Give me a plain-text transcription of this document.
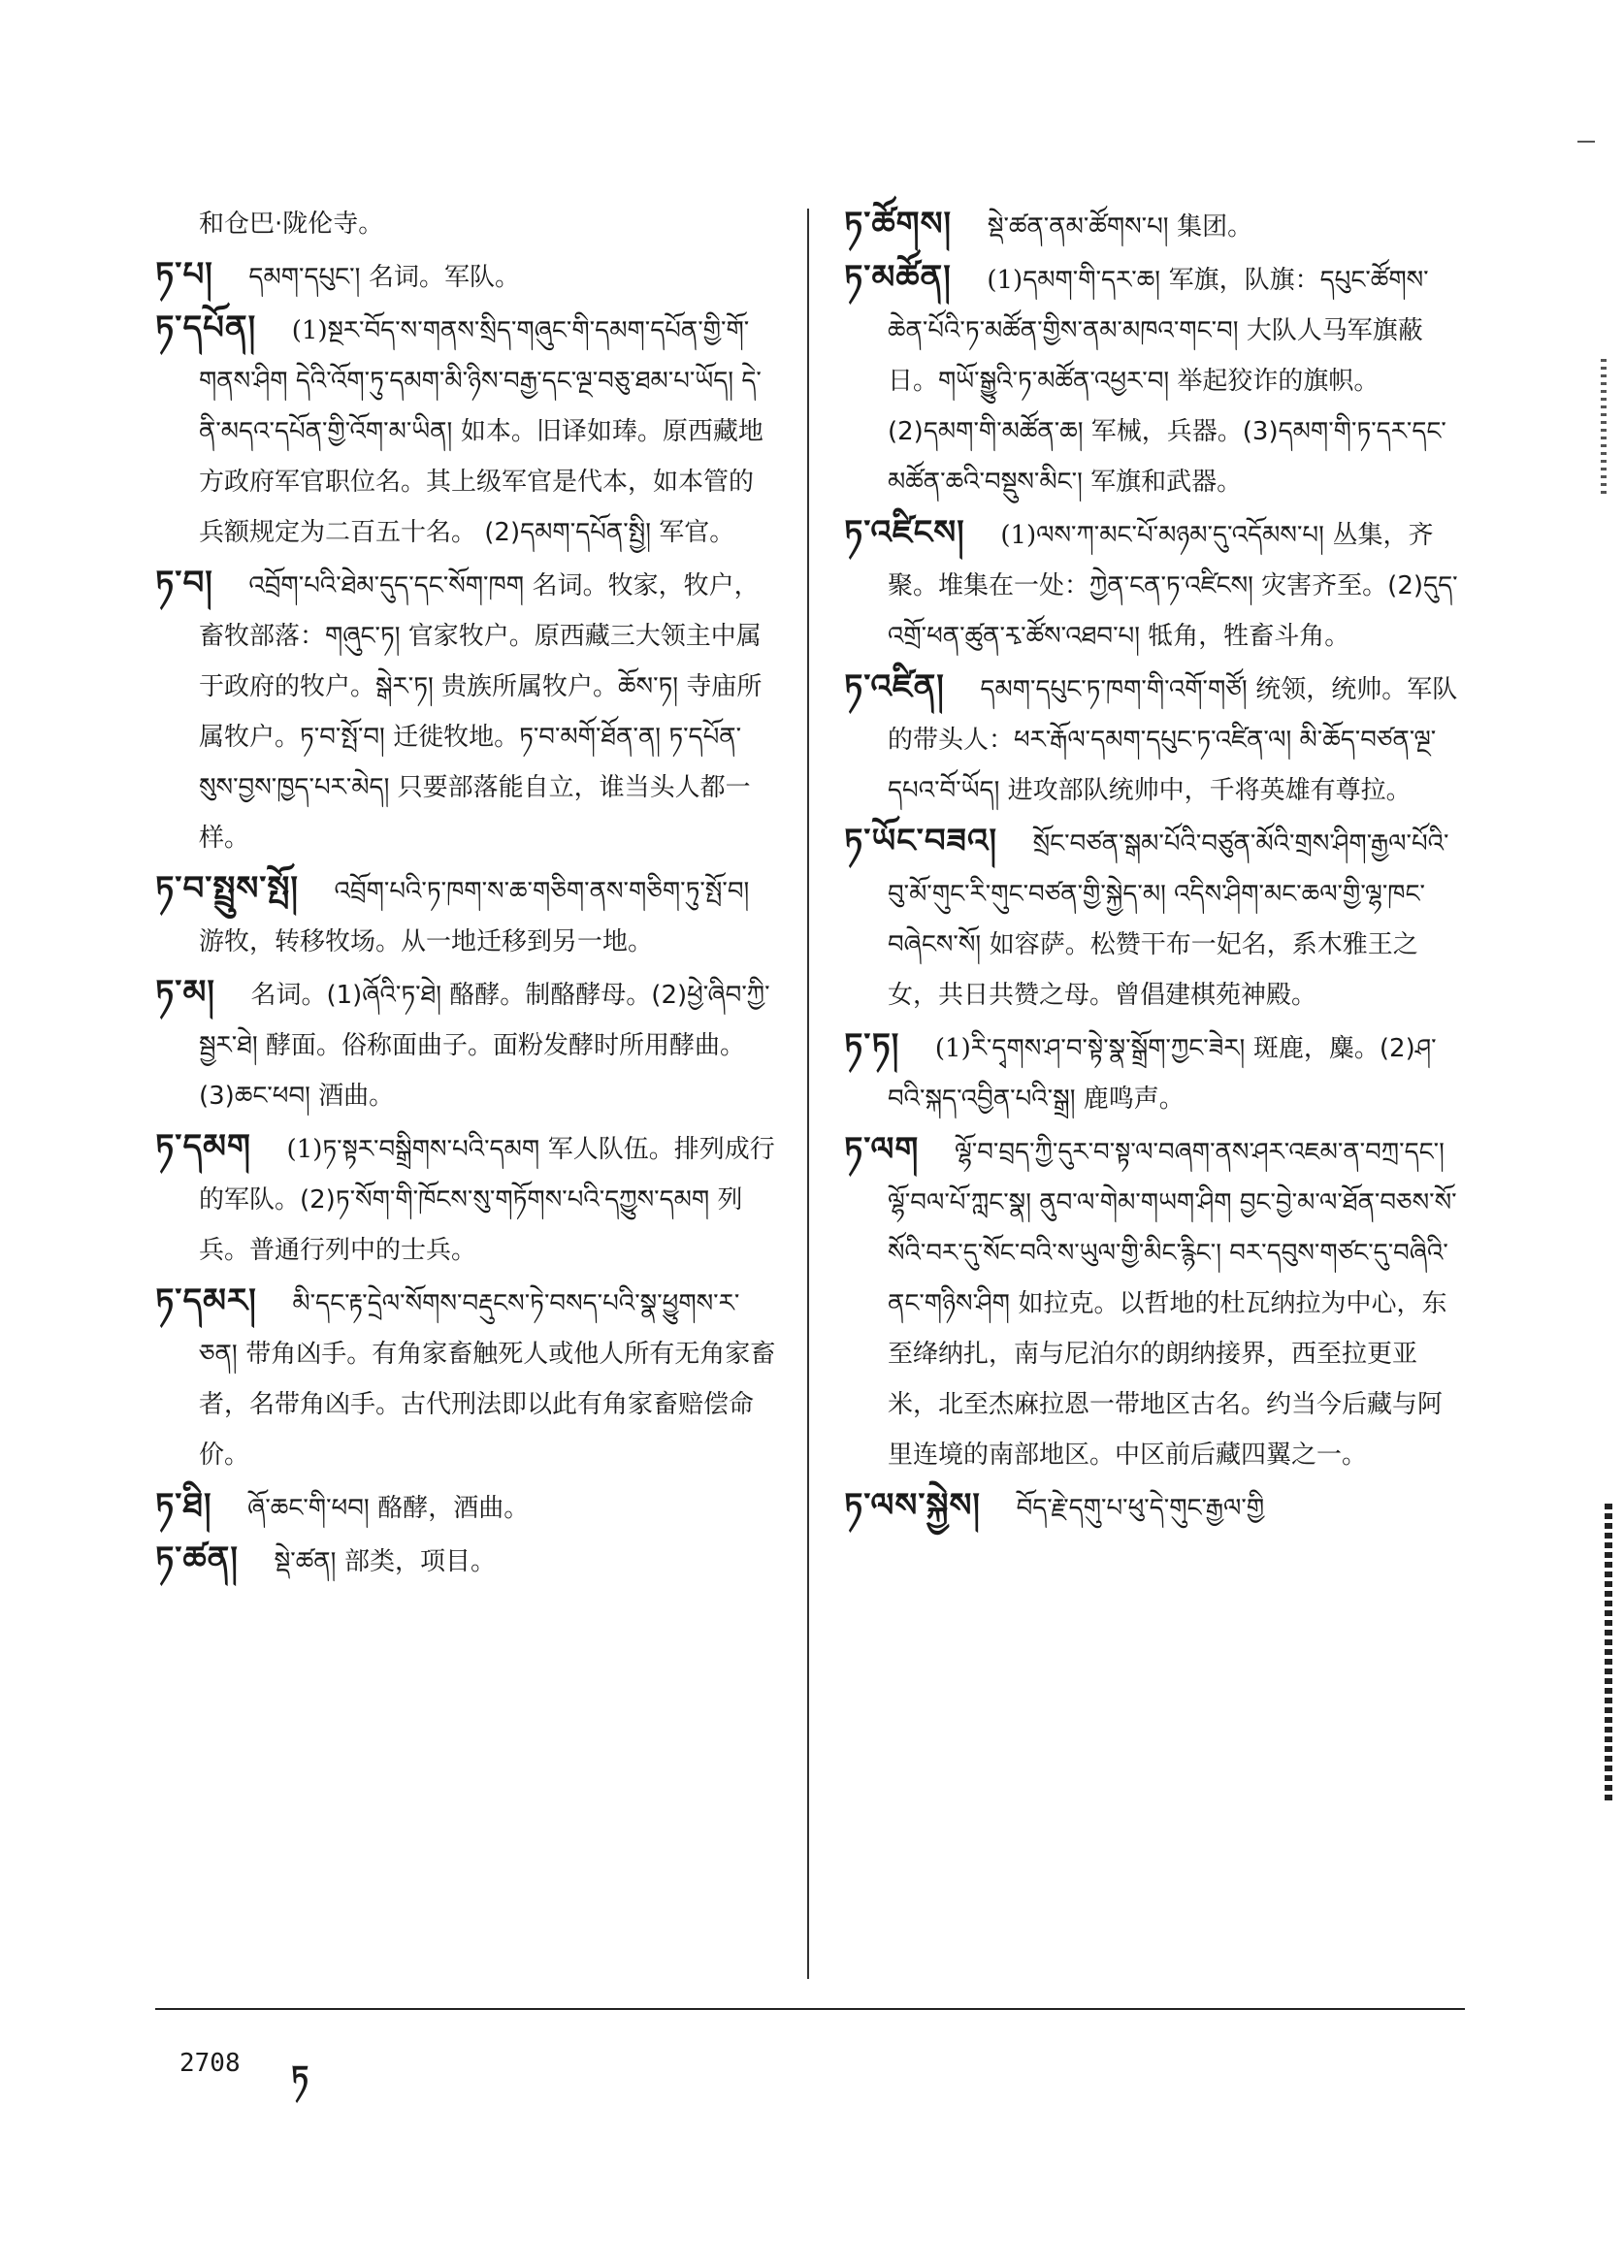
和仓巴·陇伦寺。

ཏ་པ། དམག་དཔུང་། 名词。军队。

ཏ་དཔོན། (1)སྔར་བོད་ས་གནས་སྲིད་གཞུང་གི་དམག་དཔོན་གྱི་གོ་གནས་ཤིག དེའི་འོག་ཏུ་དམག་མི་ཉིས་བརྒྱ་དང་ལྔ་བཅུ་ཐམ་པ་ཡོད། དེ་ནི་མདའ་དཔོན་གྱི་འོག་མ་ཡིན། 如本。旧译如琫。原西藏地方政府军官职位名。其上级军官是代本，如本管的兵额规定为二百五十名。 (2)དམག་དཔོན་སྤྱི། 军官。

ཏ་བ། འབྲོག་པའི་ཐེམ་དུད་དང་སོག་ཁག 名词。牧家，牧户，畜牧部落：གཞུང་ཏ། 官家牧户。原西藏三大领主中属于政府的牧户。སྒེར་ཏ། 贵族所属牧户。ཆོས་ཏ། 寺庙所属牧户。ཏ་བ་སྤོ་བ། 迁徙牧地。ཏ་བ་མགོ་ཐོན་ན། ཏ་དཔོན་སུས་བྱས་ཁྱད་པར་མེད། 只要部落能自立，谁当头人都一样。

ཏ་བ་སྤྲུས་སྤོ། འབྲོག་པའི་ཏ་ཁག་ས་ཆ་གཅིག་ནས་གཅིག་ཏུ་སྤོ་བ། 游牧，转移牧场。从一地迁移到另一地。

ཏ་མ། 名词。(1)ཞོའི་ཏ་ཐེ། 酪酵。制酪酵母。(2)ཕྱེ་ཞིབ་ཀྱི་སྦྱར་ཐེ། 酵面。俗称面曲子。面粉发酵时所用酵曲。(3)ཆང་ཕབ། 酒曲。

ཏ་དམག (1)ཏ་སྟར་བསྒྲིགས་པའི་དམག 军人队伍。排列成行的军队。(2)ཏ་སོག་གི་ཁོངས་སུ་གཏོགས་པའི་དཀྱུས་དམག 列兵。普通行列中的士兵。

ཏ་དམར། མི་དང་རྟ་དྲེལ་སོགས་བརྡུངས་ཏེ་བསད་པའི་སྣ་ཕྱུགས་ར་ཅན། 带角凶手。有角家畜触死人或他人所有无角家畜者，名带角凶手。古代刑法即以此有角家畜赔偿命价。

ཏ་ཐི། ཞོ་ཆང་གི་ཕབ། 酪酵，酒曲。

ཏ་ཚན། སྡེ་ཚན། 部类，项目。

ཏ་ཚོགས། སྡེ་ཚན་ནམ་ཚོགས་པ། 集团。

ཏ་མཚོན། (1)དམག་གི་དར་ཆ། 军旗，队旗：དཔུང་ཚོགས་ཆེན་པོའི་ཏ་མཚོན་གྱིས་ནམ་མཁའ་གང་བ། 大队人马军旗蔽日。གཡོ་སྒྱུའི་ཏ་མཚོན་འཕྱར་བ། 举起狡诈的旗帜。(2)དམག་གི་མཚོན་ཆ། 军械，兵器。(3)དམག་གི་ཏ་དར་དང་མཚོན་ཆའི་བསྡུས་མིང་། 军旗和武器。

ཏ་འཛིངས། (1)ལས་ཀ་མང་པོ་མཉམ་དུ་འདོམས་པ། 丛集，齐聚。堆集在一处：ཀྱེན་ངན་ཏ་འཛིངས། 灾害齐至。(2)དུད་འགྲོ་ཕན་ཚུན་རྭ་ཚོས་འཐབ་པ། 牴角，牲畜斗角。

ཏ་འཛིན། དམག་དཔུང་ཏ་ཁག་གི་འགོ་གཙོ། 统领，统帅。军队的带头人：ཕར་རྒོལ་དམག་དཔུང་ཏ་འཛིན་ལ། མི་ཆོད་བཙན་ལྔ་དཔའ་བོ་ཡོད། 进攻部队统帅中，千将英雄有尊拉。

ཏ་ཡོང་བཟའ། སྲོང་བཙན་སྒམ་པོའི་བཙུན་མོའི་གྲས་ཤིག་རྒྱལ་པོའི་བུ་མོ་གུང་རི་གུང་བཙན་གྱི་སྐྱེད་མ། འདིས་ཤིག་མང་ཆལ་གྱི་ལྷ་ཁང་བཞེངས་སོ། 如容萨。松赞干布一妃名，系木雅王之女，共日共赞之母。曾倡建棋苑神殿。

ཏ་ཏ། (1)རི་དྭགས་ཤ་བ་སྟེ་སྣ་སྒྲོག་ཀྱང་ཟེར། 斑鹿，麋。(2)ཤ་བའི་སྐད་འབྱིན་པའི་སྒྲ། 鹿鸣声。

ཏ་ལག ལྷོ་བ་བྲད་ཀྱི་དུར་བ་སྟ་ལ་བཞག་ནས་ཤར་འཇམ་ན་བཀྲ་དང་། ལྷོ་བལ་པོ་ཀླང་སྣ། ནུབ་ལ་གེམ་གཡག་ཤིག བྱང་བྱེ་མ་ལ་ཐོན་བཅས་སོ་སོའི་བར་དུ་སོང་བའི་ས་ཡུལ་གྱི་མིང་རྙིང་། བར་དབུས་གཙང་དུ་བཞིའི་ནང་གཉིས་ཤིག 如拉克。以哲地的杜瓦纳拉为中心，东至绛纳扎，南与尼泊尔的朗纳接界，西至拉更亚米，北至杰麻拉恩一带地区古名。约当今后藏与阿里连境的南部地区。中区前后藏四翼之一。

ཏ་ལས་སྐྱེས། བོད་རྗེ་དགུ་པ་ཕུ་དེ་གུང་རྒྱལ་གྱི

2708 ཏ
